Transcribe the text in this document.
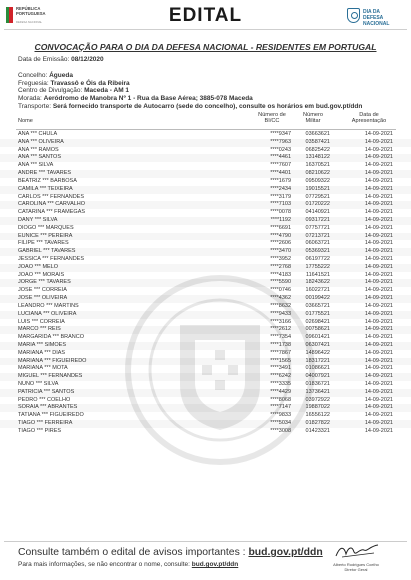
REPÚBLICA
PORTUGUESA
DEFESA NACIONAL	EDITAL	DIA DA
DEFESA NACIONAL
CONVOCAÇÃO PARA O DIA DA DEFESA NACIONAL - RESIDENTES EM PORTUGAL
Data de Emissão: 08/12/2020
Concelho: Águeda
Freguesia: Travassô e Óis da Ribeira
Centro de Divulgação: Maceda - AM 1
Morada: Aeródromo de Manobra Nº 1 - Rua da Base Aérea; 3885-078 Maceda
Transporte: Será fornecido transporte de Autocarro (sede do concelho), consulte os horários em bud.gov.pt/ddn
Nome
Número de
BI/CC
Número
Militar
Data de
Apresentação
ANA *** CHULA	****9347	03663621	14-09-2021
ANA *** OLIVEIRA	****7963	03587421	14-09-2021
ANA *** RAMOS	****0243	06825422	14-09-2021
ANA *** SANTOS	****4461	13148122	14-09-2021
ANA *** SILVA	****7607	16370521	14-09-2021
ANDRE *** TAVARES	****4401	08210622	14-09-2021
BEATRIZ *** BARBOSA	****1679	09509322	14-09-2021
CAMILA *** TEIXEIRA	****2434	19015521	14-09-2021
CARLOS *** FERNANDES	****3179	07729521	14-09-2021
CAROLINA *** CARVALHO	****7103	01720222	14-09-2021
CATARINA *** FRAMEGAS	****0078	04140921	14-09-2021
DANY *** SILVA	****1192	09317221	14-09-2021
DIOGO *** MARQUES	****6691	07757721	14-09-2021
EUNICE *** PEREIRA	****4790	07213721	14-09-2021
FILIPE *** TAVARES	****2606	06063721	14-09-2021
GABRIEL *** TAVARES	****3470	05369321	14-09-2021
JESSICA *** FERNANDES	****3952	06197722	14-09-2021
JOAO *** MELO	****2768	17755222	14-09-2021
JOAO *** MORAIS	****4183	11641521	14-09-2021
JORGE *** TAVARES	****5590	18243622	14-09-2021
JOSE *** CORREIA	****0746	16022721	14-09-2021
JOSE *** OLIVEIRA	****4362	00199422	14-09-2021
LEANDRO *** MARTINS	****8632	03665721	14-09-2021
LUCIANA *** OLIVEIRA	****9433	01775521	14-09-2021
LUIS *** CORREIA	****3166	02698421	14-09-2021
MARCO *** REIS	****2612	00758621	14-09-2021
MARGARIDA *** BRANCO	****7354	09601421	14-09-2021
MARIA *** SIMOES	****1738	06307421	14-09-2021
MARIANA *** DIAS	****7867	14896422	14-09-2021
MARIANA *** FIGUEIREDO	****1565	18317221	14-09-2021
MARIANA *** MOTA	****3491	01086621	14-09-2021
MIGUEL *** FERNANDES	****6242	04007921	14-09-2021
NUNO *** SILVA	****3335	01836721	14-09-2021
PATRICIA *** SANTOS	****4429	13736421	14-09-2021
PEDRO *** COELHO	****8068	03972922	14-09-2021
SORAIA *** ABRANTES	****7147	19887022	14-09-2021
TATIANA *** FIGUEIREDO	****9833	16556122	14-09-2021
TIAGO *** FERREIRA	****5034	01827822	14-09-2021
TIAGO *** PIRES	****3008	01423321	14-09-2021
Consulte também o edital de avisos importantes : bud.gov.pt/ddn
Para mais informações, se não encontrar o nome, consulte: bud.gov.pt/ddn	Alberto Rodrigues Coelho
Diretor Geral
